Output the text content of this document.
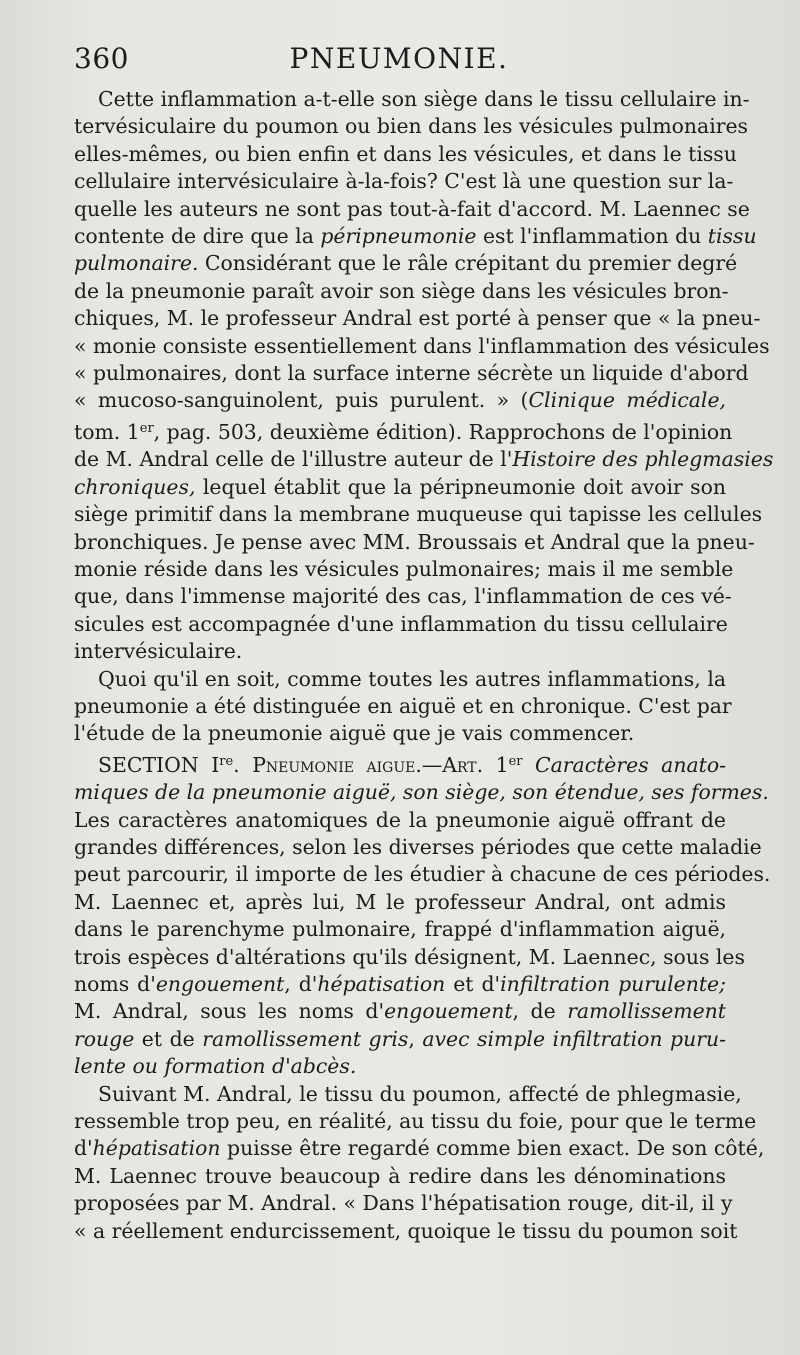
360	PNEUMONIE.
Cette inflammation a-t-elle son siège dans le tissu cellulaire in-
tervésiculaire du poumon ou bien dans les vésicules pulmonaires
elles-mêmes, ou bien enfin et dans les vésicules, et dans le tissu
cellulaire intervésiculaire à-la-fois? C'est là une question sur la-
quelle les auteurs ne sont pas tout-à-fait d'accord. M. Laennec se
contente de dire que la péripneumonie est l'inflammation du tissu
pulmonaire. Considérant que le râle crépitant du premier degré
de la pneumonie paraît avoir son siège dans les vésicules bron-
chiques, M. le professeur Andral est porté à penser que « la pneu-
« monie consiste essentiellement dans l'inflammation des vésicules
« pulmonaires, dont la surface interne sécrète un liquide d'abord
« mucoso-sanguinolent, puis purulent. » (Clinique médicale,
tom. 1er, pag. 503, deuxième édition). Rapprochons de l'opinion
de M. Andral celle de l'illustre auteur de l'Histoire des phlegmasies
chroniques, lequel établit que la péripneumonie doit avoir son
siège primitif dans la membrane muqueuse qui tapisse les cellules
bronchiques. Je pense avec MM. Broussais et Andral que la pneu-
monie réside dans les vésicules pulmonaires; mais il me semble
que, dans l'immense majorité des cas, l'inflammation de ces vé-
sicules est accompagnée d'une inflammation du tissu cellulaire
intervésiculaire.
Quoi qu'il en soit, comme toutes les autres inflammations, la
pneumonie a été distinguée en aiguë et en chronique. C'est par
l'étude de la pneumonie aiguë que je vais commencer.
SECTION Ire. Pneumonie aigue.—Art. 1er Caractères anato-
miques de la pneumonie aiguë, son siège, son étendue, ses formes.
Les caractères anatomiques de la pneumonie aiguë offrant de
grandes différences, selon les diverses périodes que cette maladie
peut parcourir, il importe de les étudier à chacune de ces périodes.
M. Laennec et, après lui, M le professeur Andral, ont admis
dans le parenchyme pulmonaire, frappé d'inflammation aiguë,
trois espèces d'altérations qu'ils désignent, M. Laennec, sous les
noms d'engouement, d'hépatisation et d'infiltration purulente;
M. Andral, sous les noms d'engouement, de ramollissement
rouge et de ramollissement gris, avec simple infiltration puru-
lente ou formation d'abcès.
Suivant M. Andral, le tissu du poumon, affecté de phlegmasie,
ressemble trop peu, en réalité, au tissu du foie, pour que le terme
d'hépatisation puisse être regardé comme bien exact. De son côté,
M. Laennec trouve beaucoup à redire dans les dénominations
proposées par M. Andral. « Dans l'hépatisation rouge, dit-il, il y
« a réellement endurcissement, quoique le tissu du poumon soit
